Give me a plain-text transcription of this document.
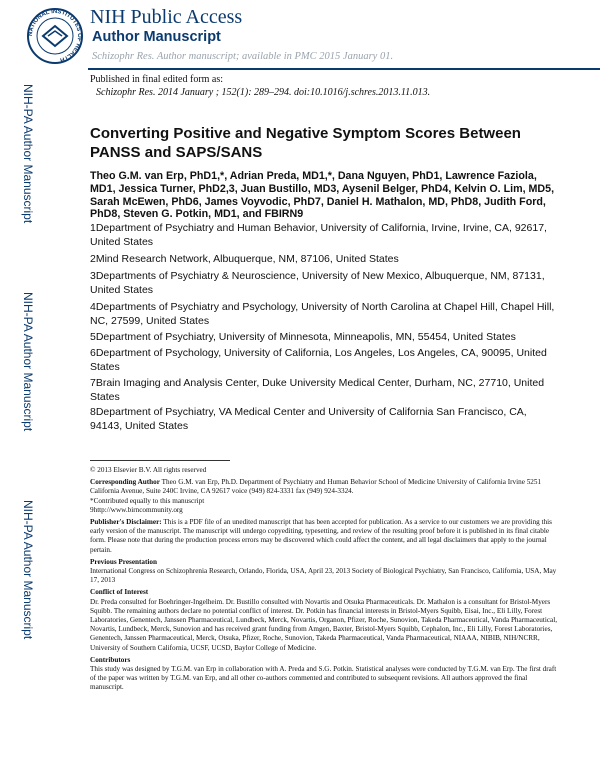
NATIONAL INSTITUTES OF HEALTH
NIH Public Access
Author Manuscript
Schizophr Res. Author manuscript; available in PMC 2015 January 01.
Published in final edited form as:
Schizophr Res. 2014 January ; 152(1): 289–294. doi:10.1016/j.schres.2013.11.013.
NIH-PA Author Manuscript
NIH-PA Author Manuscript
NIH-PA Author Manuscript
Converting Positive and Negative Symptom Scores Between PANSS and SAPS/SANS
Theo G.M. van Erp, PhD1,*, Adrian Preda, MD1,*, Dana Nguyen, PhD1, Lawrence Faziola, MD1, Jessica Turner, PhD2,3, Juan Bustillo, MD3, Aysenil Belger, PhD4, Kelvin O. Lim, MD5, Sarah McEwen, PhD6, James Voyvodic, PhD7, Daniel H. Mathalon, MD, PhD8, Judith Ford, PhD8, Steven G. Potkin, MD1, and FBIRN9
1Department of Psychiatry and Human Behavior, University of California, Irvine, Irvine, CA, 92617, United States
2Mind Research Network, Albuquerque, NM, 87106, United States
3Departments of Psychiatry & Neuroscience, University of New Mexico, Albuquerque, NM, 87131, United States
4Departments of Psychiatry and Psychology, University of North Carolina at Chapel Hill, Chapel Hill, NC, 27599, United States
5Department of Psychiatry, University of Minnesota, Minneapolis, MN, 55454, United States
6Department of Psychology, University of California, Los Angeles, Los Angeles, CA, 90095, United States
7Brain Imaging and Analysis Center, Duke University Medical Center, Durham, NC, 27710, United States
8Department of Psychiatry, VA Medical Center and University of California San Francisco, CA, 94143, United States

© 2013 Elsevier B.V. All rights reserved

Corresponding Author Theo G.M. van Erp, Ph.D. Department of Psychiatry and Human Behavior School of Medicine University of California Irvine 5251 California Avenue, Suite 240C Irvine, CA 92617 voice (949) 824-3331 fax (949) 924-3324.

*Contributed equally to this manuscript

9http://www.birncommunity.org

Publisher's Disclaimer: This is a PDF file of an unedited manuscript that has been accepted for publication. As a service to our customers we are providing this early version of the manuscript. The manuscript will undergo copyediting, typesetting, and review of the resulting proof before it is published in its final citable form. Please note that during the production process errors may be discovered which could affect the content, and all legal disclaimers that apply to the journal pertain.

Previous Presentation

International Congress on Schizophrenia Research, Orlando, Florida, USA, April 23, 2013 Society of Biological Psychiatry, San Francisco, California, USA, May 17, 2013

Conflict of Interest

Dr. Preda consulted for Boehringer-Ingelheim. Dr. Bustillo consulted with Novartis and Otsuka Pharmaceuticals. Dr. Mathalon is a consultant for Bristol-Myers Squibb. The remaining authors declare no potential conflict of interest. Dr. Potkin has financial interests in Bristol-Myers Squibb, Eisai, Inc., Eli Lilly, Forest Laboratories, Genentech, Janssen Pharmaceutical, Lundbeck, Merck, Novartis, Organon, Pfizer, Roche, Sunovion, Takeda Pharmaceutical, Vanda Pharmaceutical, Novartis, Lundbeck, Merck, Sunovion and has received grant funding from Amgen, Baxter, Bristol-Myers Squibb, Cephalon, Inc., Eli Lilly, Forest Laboratories, Genentech, Janssen Pharmaceutical, Merck, Otsuka, Pfizer, Roche, Sunovion, Takeda Pharmaceutical, Vanda Pharmaceutical, NIAAA, NIBIB, NIH/NCRR, University of Southern California, UCSF, UCSD, Baylor College of Medicine.

Contributors

This study was designed by T.G.M. van Erp in collaboration with A. Preda and S.G. Potkin. Statistical analyses were conducted by T.G.M. van Erp. The first draft of the paper was written by T.G.M. van Erp, and all other co-authors commented and contributed to subsequent revisions. All authors approved the final manuscript.
